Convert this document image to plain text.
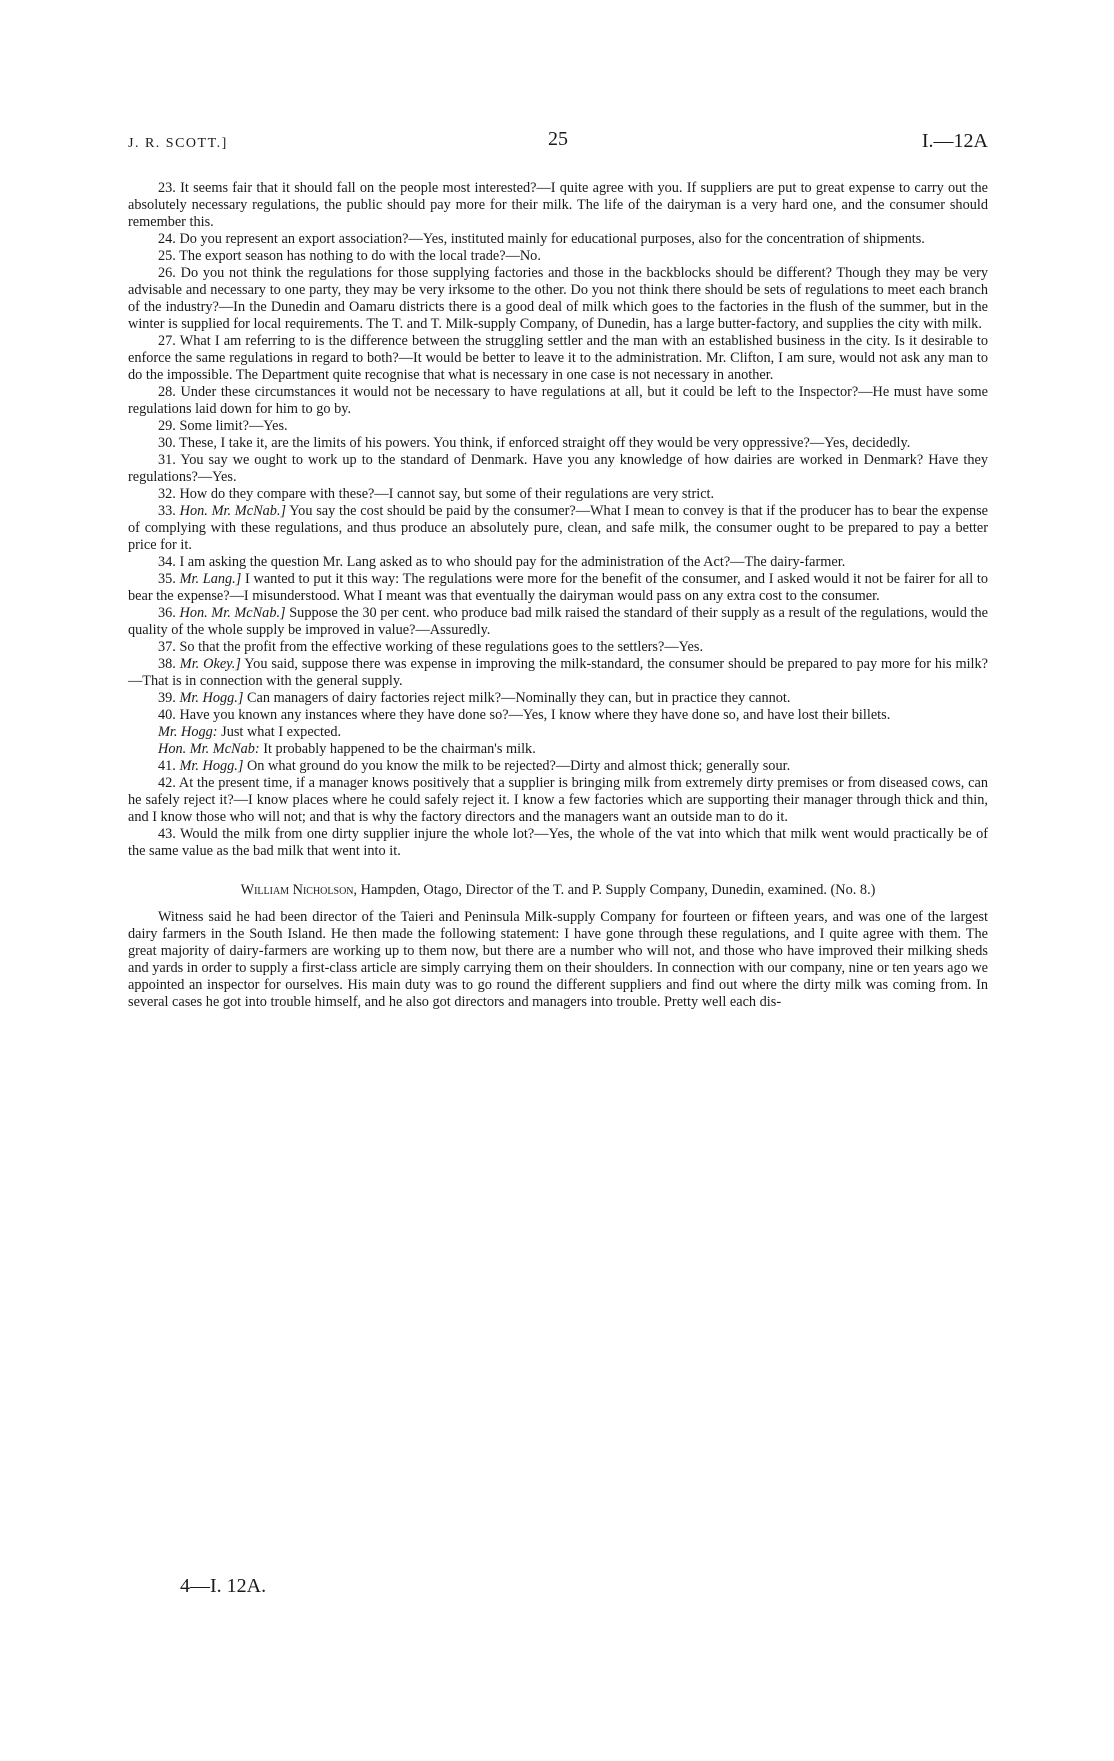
J. R. SCOTT.]	25	I.—12A

23. It seems fair that it should fall on the people most interested?—I quite agree with you. If suppliers are put to great expense to carry out the absolutely necessary regulations, the public should pay more for their milk. The life of the dairyman is a very hard one, and the consumer should remember this.

24. Do you represent an export association?—Yes, instituted mainly for educational purposes, also for the concentration of shipments.

25. The export season has nothing to do with the local trade?—No.

26. Do you not think the regulations for those supplying factories and those in the backblocks should be different? Though they may be very advisable and necessary to one party, they may be very irksome to the other. Do you not think there should be sets of regulations to meet each branch of the industry?—In the Dunedin and Oamaru districts there is a good deal of milk which goes to the factories in the flush of the summer, but in the winter is supplied for local requirements. The T. and T. Milk-supply Company, of Dunedin, has a large butter-factory, and supplies the city with milk.

27. What I am referring to is the difference between the struggling settler and the man with an established business in the city. Is it desirable to enforce the same regulations in regard to both?—It would be better to leave it to the administration. Mr. Clifton, I am sure, would not ask any man to do the impossible. The Department quite recognise that what is necessary in one case is not necessary in another.

28. Under these circumstances it would not be necessary to have regulations at all, but it could be left to the Inspector?—He must have some regulations laid down for him to go by.

29. Some limit?—Yes.

30. These, I take it, are the limits of his powers. You think, if enforced straight off they would be very oppressive?—Yes, decidedly.

31. You say we ought to work up to the standard of Denmark. Have you any knowledge of how dairies are worked in Denmark? Have they regulations?—Yes.

32. How do they compare with these?—I cannot say, but some of their regulations are very strict.

33. Hon. Mr. McNab.] You say the cost should be paid by the consumer?—What I mean to convey is that if the producer has to bear the expense of complying with these regulations, and thus produce an absolutely pure, clean, and safe milk, the consumer ought to be prepared to pay a better price for it.

34. I am asking the question Mr. Lang asked as to who should pay for the administration of the Act?—The dairy-farmer.

35. Mr. Lang.] I wanted to put it this way: The regulations were more for the benefit of the consumer, and I asked would it not be fairer for all to bear the expense?—I misunderstood. What I meant was that eventually the dairyman would pass on any extra cost to the consumer.

36. Hon. Mr. McNab.] Suppose the 30 per cent. who produce bad milk raised the standard of their supply as a result of the regulations, would the quality of the whole supply be improved in value?—Assuredly.

37. So that the profit from the effective working of these regulations goes to the settlers?—Yes.

38. Mr. Okey.] You said, suppose there was expense in improving the milk-standard, the consumer should be prepared to pay more for his milk?—That is in connection with the general supply.

39. Mr. Hogg.] Can managers of dairy factories reject milk?—Nominally they can, but in practice they cannot.

40. Have you known any instances where they have done so?—Yes, I know where they have done so, and have lost their billets.

Mr. Hogg: Just what I expected.

Hon. Mr. McNab: It probably happened to be the chairman's milk.

41. Mr. Hogg.] On what ground do you know the milk to be rejected?—Dirty and almost thick; generally sour.

42. At the present time, if a manager knows positively that a supplier is bringing milk from extremely dirty premises or from diseased cows, can he safely reject it?—I know places where he could safely reject it. I know a few factories which are supporting their manager through thick and thin, and I know those who will not; and that is why the factory directors and the managers want an outside man to do it.

43. Would the milk from one dirty supplier injure the whole lot?—Yes, the whole of the vat into which that milk went would practically be of the same value as the bad milk that went into it.

William Nicholson, Hampden, Otago, Director of the T. and P. Supply Company, Dunedin, examined. (No. 8.)

Witness said he had been director of the Taieri and Peninsula Milk-supply Company for fourteen or fifteen years, and was one of the largest dairy farmers in the South Island. He then made the following statement: I have gone through these regulations, and I quite agree with them. The great majority of dairy-farmers are working up to them now, but there are a number who will not, and those who have improved their milking sheds and yards in order to supply a first-class article are simply carrying them on their shoulders. In connection with our company, nine or ten years ago we appointed an inspector for ourselves. His main duty was to go round the different suppliers and find out where the dirty milk was coming from. In several cases he got into trouble himself, and he also got directors and managers into trouble. Pretty well each dis-

4—I. 12A.
